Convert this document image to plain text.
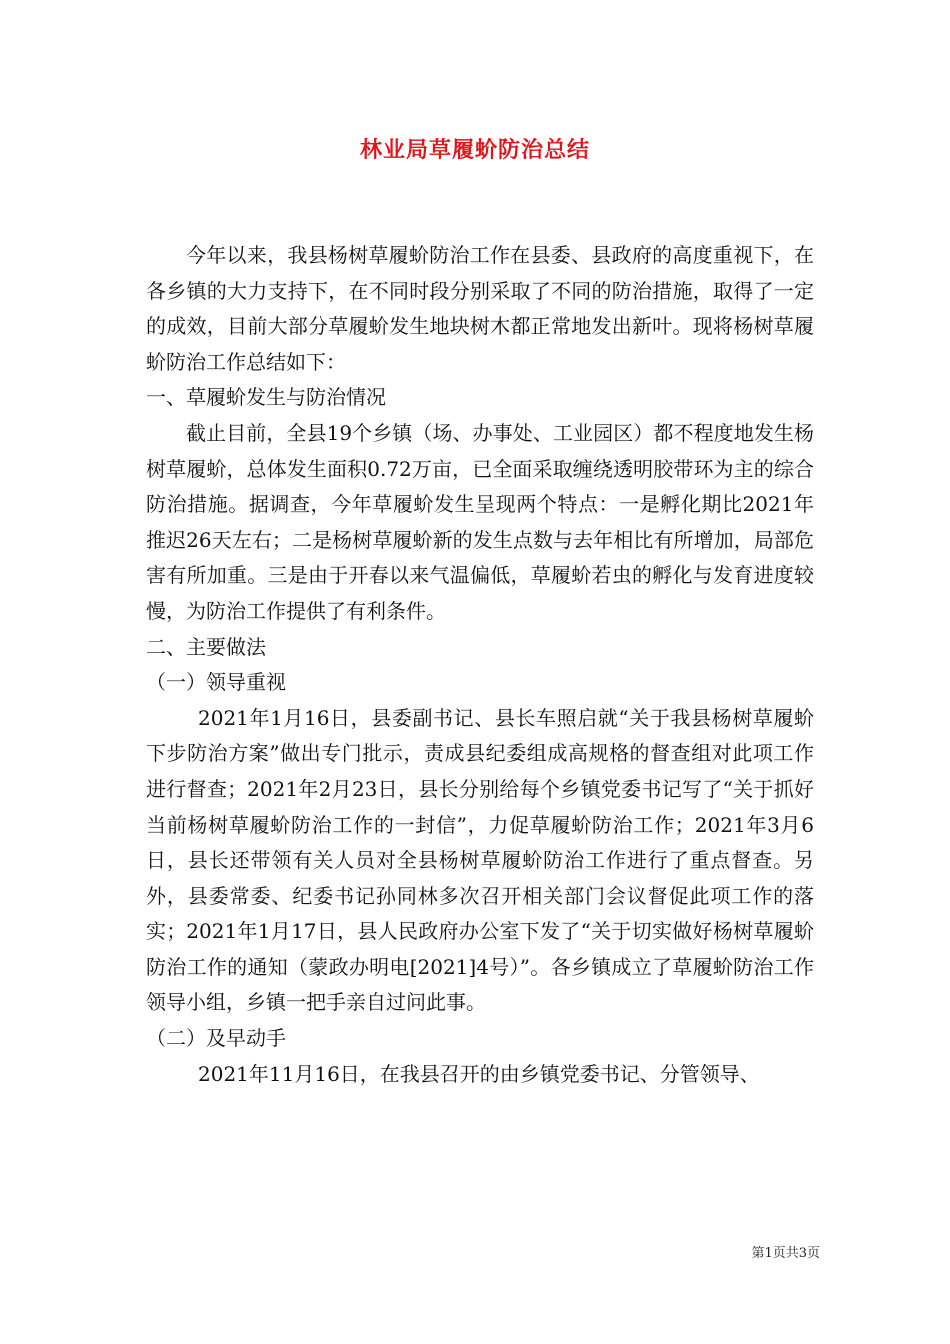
林业局草履蚧防治总结

今年以来，我县杨树草履蚧防治工作在县委、县政府的高度重视下，在各乡镇的大力支持下，在不同时段分别采取了不同的防治措施，取得了一定的成效，目前大部分草履蚧发生地块树木都正常地发出新叶。现将杨树草履蚧防治工作总结如下：

一、草履蚧发生与防治情况

截止目前，全县19个乡镇（场、办事处、工业园区）都不程度地发生杨树草履蚧，总体发生面积0.72万亩，已全面采取缠绕透明胶带环为主的综合防治措施。据调查，今年草履蚧发生呈现两个特点：一是孵化期比2021年推迟26天左右；二是杨树草履蚧新的发生点数与去年相比有所增加，局部危害有所加重。三是由于开春以来气温偏低，草履蚧若虫的孵化与发育进度较慢，为防治工作提供了有利条件。

二、主要做法

（一）领导重视

2021年1月16日，县委副书记、县长车照启就“关于我县杨树草履蚧下步防治方案”做出专门批示，责成县纪委组成高规格的督查组对此项工作进行督查；2021年2月23日，县长分别给每个乡镇党委书记写了“关于抓好当前杨树草履蚧防治工作的一封信”，力促草履蚧防治工作；2021年3月6日，县长还带领有关人员对全县杨树草履蚧防治工作进行了重点督查。另外，县委常委、纪委书记孙同林多次召开相关部门会议督促此项工作的落实；2021年1月17日，县人民政府办公室下发了“关于切实做好杨树草履蚧防治工作的通知（蒙政办明电[2021]4号）”。各乡镇成立了草履蚧防治工作领导小组，乡镇一把手亲自过问此事。

（二）及早动手

2021年11月16日，在我县召开的由乡镇党委书记、分管领导、

第1页共3页
